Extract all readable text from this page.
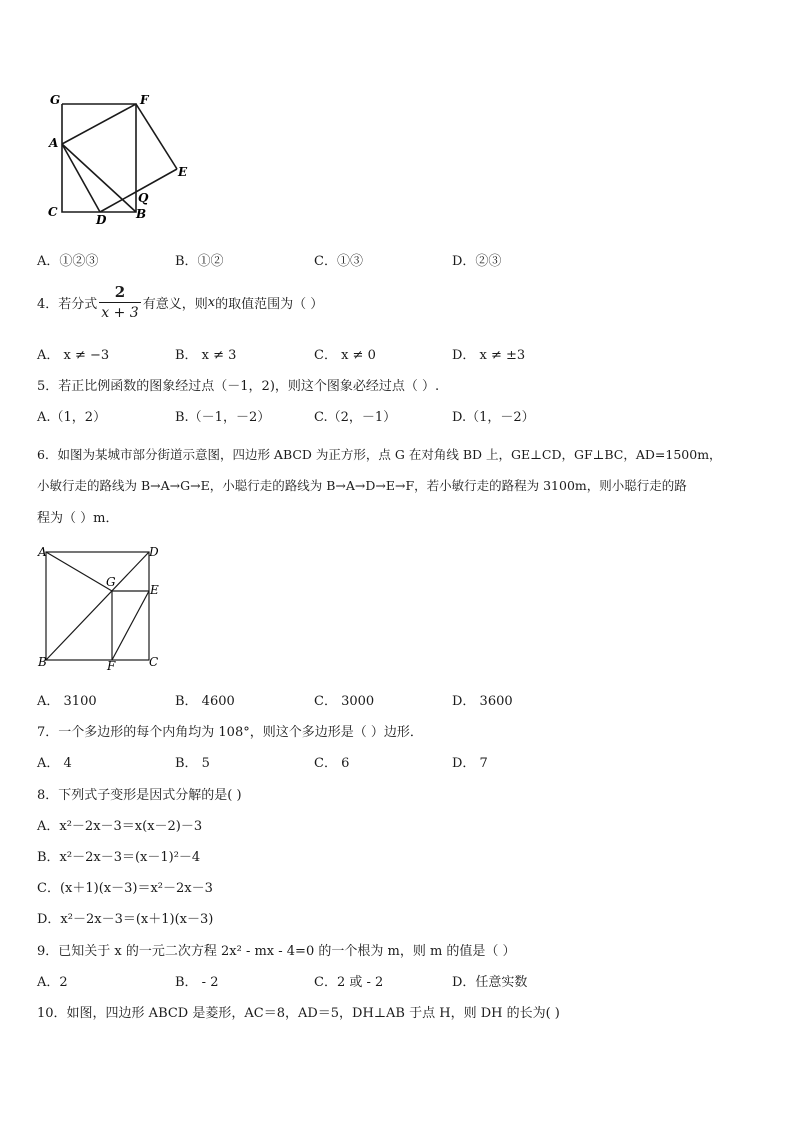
G	F
A
E
Q
C
D B
A．①②③	B．①②	C．①③	D．②③
4．若分式 $\frac{2}{x + 3}$ 有意义，则x的取值范围为（ ）
A． x ≠ −3	B． x ≠ 3	C． x ≠ 0	D． x ≠ ±3
5．若正比例函数的图象经过点（－1，2)，则这个图象必经过点（ ）.
A.（1，2）	B.（－1，－2）	C.（2，－1）	D.（1，－2）
6．如图为某城市部分街道示意图，四边形 ABCD 为正方形，点 G 在对角线 BD 上，GE⊥CD，GF⊥BC，AD=1500m，
小敏行走的路线为 B→A→G→E，小聪行走的路线为 B→A→D→E→F，若小敏行走的路程为 3100m，则小聪行走的路
程为（ ）m．
A	D
G
E
B	F	C
A． 3100	B． 4600	C． 3000	D． 3600
7．一个多边形的每个内角均为 108°，则这个多边形是（ ）边形．
A． 4	B． 5	C． 6	D． 7
8．下列式子变形是因式分解的是( )
A．x²－2x－3＝x(x－2)－3
B．x²－2x－3＝(x－1)²－4
C．(x＋1)(x－3)＝x²－2x－3
D．x²－2x－3＝(x＋1)(x－3)
9．已知关于 x 的一元二次方程 2x² - mx - 4=0 的一个根为 m，则 m 的值是（ ）
A．2	B． - 2	C．2 或 - 2	D．任意实数
10．如图，四边形 ABCD 是菱形，AC＝8，AD＝5，DH⊥AB 于点 H，则 DH 的长为( )
